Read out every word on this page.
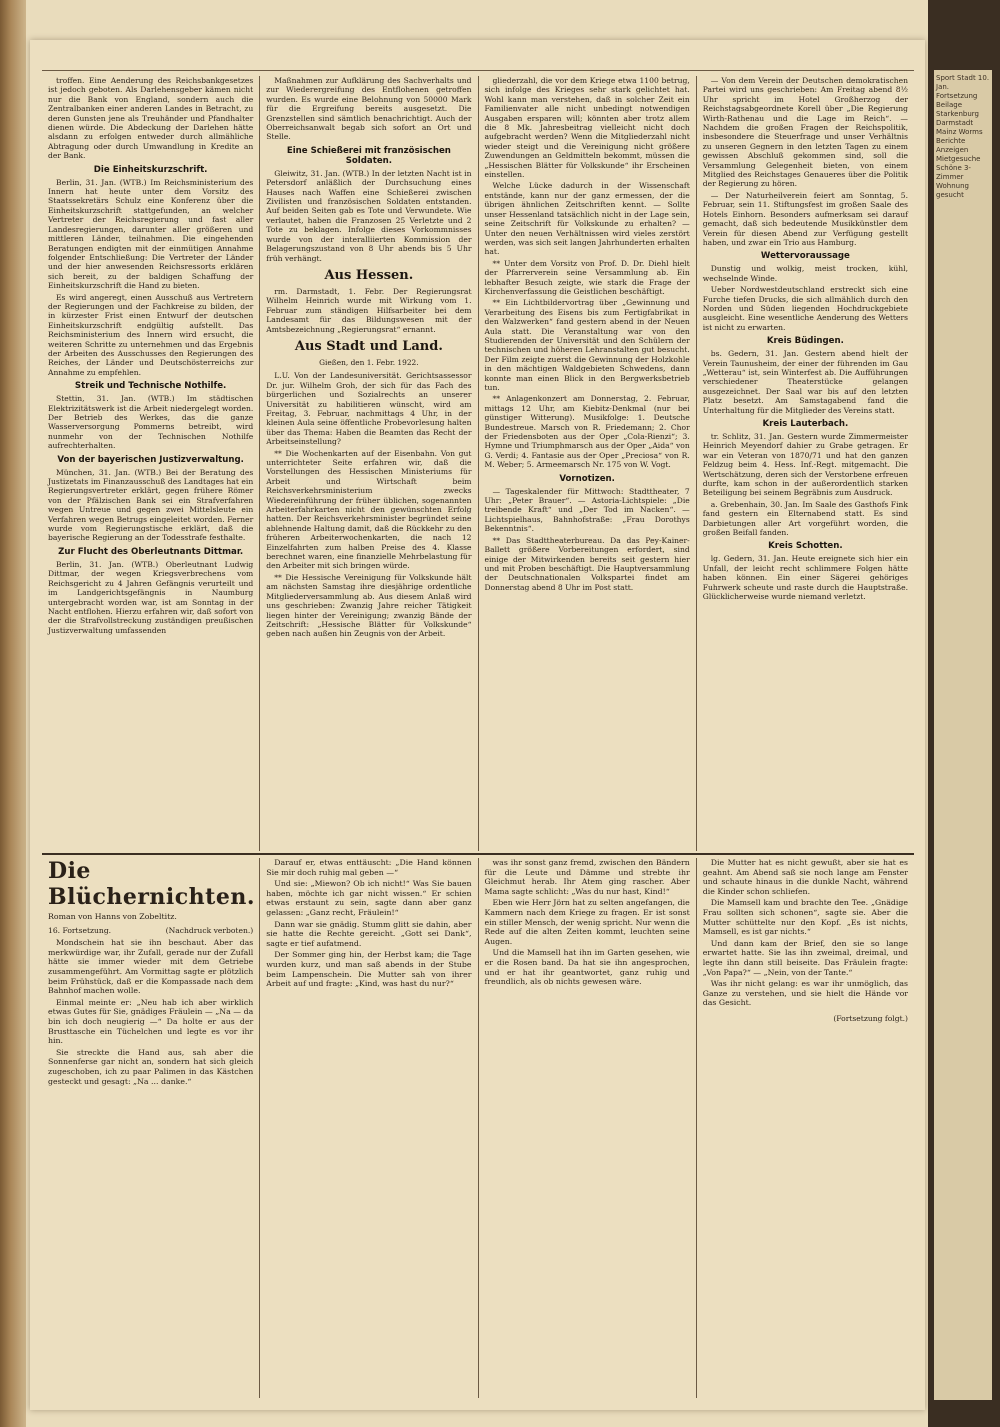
troffen. Eine Aenderung des Reichsbankgesetzes ist jedoch geboten. Als Darlehensgeber kämen nicht nur die Bank von England, sondern auch die Zentralbanken einer anderen Landes in Betracht, zu deren Gunsten jene als Treuhänder und Pfandhalter dienen würde. Die Abdeckung der Darlehen hätte alsdann zu erfolgen entweder durch allmähliche Abtragung oder durch Umwandlung in Kredite an der Bank.

Die Einheitskurzschrift.

Berlin, 31. Jan. (WTB.) Im Reichsministerium des Innern hat heute unter dem Vorsitz des Staatssekretärs Schulz eine Konferenz über die Einheitskurzschrift stattgefunden, an welcher Vertreter der Reichsregierung und fast aller Landesregierungen, darunter aller größeren und mittleren Länder, teilnahmen. Die eingehenden Beratungen endigten mit der einmütigen Annahme folgender Entschließung: Die Vertreter der Länder und der hier anwesenden Reichsressorts erklären sich bereit, zu der baldigen Schaffung der Einheitskurzschrift die Hand zu bieten.

Es wird angeregt, einen Ausschuß aus Vertretern der Regierungen und der Fachkreise zu bilden, der in kürzester Frist einen Entwurf der deutschen Einheitskurzschrift endgültig aufstellt. Das Reichsministerium des Innern wird ersucht, die weiteren Schritte zu unternehmen und das Ergebnis der Arbeiten des Ausschusses den Regierungen des Reiches, der Länder und Deutschösterreichs zur Annahme zu empfehlen.

Streik und Technische Nothilfe.

Stettin, 31. Jan. (WTB.) Im städtischen Elektrizitätswerk ist die Arbeit niedergelegt worden. Der Betrieb des Werkes, das die ganze Wasserversorgung Pommerns betreibt, wird nunmehr von der Technischen Nothilfe aufrechterhalten.

Von der bayerischen Justizverwaltung.

München, 31. Jan. (WTB.) Bei der Beratung des Justizetats im Finanzausschuß des Landtages hat ein Regierungsvertreter erklärt, gegen frühere Römer von der Pfälzischen Bank sei ein Strafverfahren wegen Untreue und gegen zwei Mittelsleute ein Verfahren wegen Betrugs eingeleitet worden. Ferner wurde vom Regierungstische erklärt, daß die bayerische Regierung an der Todesstrafe festhalte.

Zur Flucht des Oberleutnants Dittmar.

Berlin, 31. Jan. (WTB.) Oberleutnant Ludwig Dittmar, der wegen Kriegsverbrechens vom Reichsgericht zu 4 Jahren Gefängnis verurteilt und im Landgerichtsgefängnis in Naumburg untergebracht worden war, ist am Sonntag in der Nacht entflohen. Hierzu erfahren wir, daß sofort von der die Strafvollstreckung zuständigen preußischen Justizverwaltung umfassenden

Maßnahmen zur Aufklärung des Sachverhalts und zur Wiederergreifung des Entflohenen getroffen wurden. Es wurde eine Belohnung von 50000 Mark für die Ergreifung bereits ausgesetzt. Die Grenzstellen sind sämtlich benachrichtigt. Auch der Oberreichsanwalt begab sich sofort an Ort und Stelle.

Eine Schießerei mit französischen Soldaten.

Gleiwitz, 31. Jan. (WTB.) In der letzten Nacht ist in Petersdorf anläßlich der Durchsuchung eines Hauses nach Waffen eine Schießerei zwischen Zivilisten und französischen Soldaten entstanden. Auf beiden Seiten gab es Tote und Verwundete. Wie verlautet, haben die Franzosen 25 Verletzte und 2 Tote zu beklagen. Infolge dieses Vorkommnisses wurde von der interalliierten Kommission der Belagerungszustand von 8 Uhr abends bis 5 Uhr früh verhängt.

Aus Hessen.

rm. Darmstadt, 1. Febr. Der Regierungsrat Wilhelm Heinrich wurde mit Wirkung vom 1. Februar zum ständigen Hilfsarbeiter bei dem Landesamt für das Bildungswesen mit der Amtsbezeichnung „Regierungsrat“ ernannt.

Aus Stadt und Land.
Gießen, den 1. Febr. 1922.

L.U. Von der Landesuniversität. Gerichtsassessor Dr. jur. Wilhelm Groh, der sich für das Fach des bürgerlichen und Sozialrechts an unserer Universität zu habilitieren wünscht, wird am Freitag, 3. Februar, nachmittags 4 Uhr, in der kleinen Aula seine öffentliche Probevorlesung halten über das Thema: Haben die Beamten das Recht der Arbeitseinstellung?

** Die Wochenkarten auf der Eisenbahn. Von gut unterrichteter Seite erfahren wir, daß die Vorstellungen des Hessischen Ministeriums für Arbeit und Wirtschaft beim Reichsverkehrsministerium zwecks Wiedereinführung der früher üblichen, sogenannten Arbeiterfahrkarten nicht den gewünschten Erfolg hatten. Der Reichsverkehrsminister begründet seine ablehnende Haltung damit, daß die Rückkehr zu den früheren Arbeiterwochenkarten, die nach 12 Einzelfahrten zum halben Preise des 4. Klasse berechnet waren, eine finanzielle Mehrbelastung für den Arbeiter mit sich bringen würde.

** Die Hessische Vereinigung für Volkskunde hält am nächsten Samstag ihre diesjährige ordentliche Mitgliederversammlung ab. Aus diesem Anlaß wird uns geschrieben: Zwanzig Jahre reicher Tätigkeit liegen hinter der Vereinigung; zwanzig Bände der Zeitschrift: „Hessische Blätter für Volkskunde“ geben nach außen hin Zeugnis von der Arbeit.

gliederzahl, die vor dem Kriege etwa 1100 betrug, sich infolge des Krieges sehr stark gelichtet hat. Wohl kann man verstehen, daß in solcher Zeit ein Familienvater alle nicht unbedingt notwendigen Ausgaben ersparen will; könnten aber trotz allem die 8 Mk. Jahresbeitrag vielleicht nicht doch aufgebracht werden? Wenn die Mitgliederzahl nicht wieder steigt und die Vereinigung nicht größere Zuwendungen an Geldmitteln bekommt, müssen die „Hessischen Blätter für Volkskunde“ ihr Erscheinen einstellen.

Welche Lücke dadurch in der Wissenschaft entstände, kann nur der ganz ermessen, der die übrigen ähnlichen Zeitschriften kennt. — Sollte unser Hessenland tatsächlich nicht in der Lage sein, seine Zeitschrift für Volkskunde zu erhalten? — Unter den neuen Verhältnissen wird vieles zerstört werden, was sich seit langen Jahrhunderten erhalten hat.

** Unter dem Vorsitz von Prof. D. Dr. Diehl hielt der Pfarrerverein seine Versammlung ab. Ein lebhafter Besuch zeigte, wie stark die Frage der Kirchenverfassung die Geistlichen beschäftigt.

** Ein Lichtbildervortrag über „Gewinnung und Verarbeitung des Eisens bis zum Fertigfabrikat in den Walzwerken“ fand gestern abend in der Neuen Aula statt. Die Veranstaltung war von den Studierenden der Universität und den Schülern der technischen und höheren Lehranstalten gut besucht. Der Film zeigte zuerst die Gewinnung der Holzkohle in den mächtigen Waldgebieten Schwedens, dann konnte man einen Blick in den Bergwerksbetrieb tun.

** Anlagenkonzert am Donnerstag, 2. Februar, mittags 12 Uhr, am Kiebitz-Denkmal (nur bei günstiger Witterung). Musikfolge: 1. Deutsche Bundestreue. Marsch von R. Friedemann; 2. Chor der Friedensboten aus der Oper „Cola-Rienzi“; 3. Hymne und Triumphmarsch aus der Oper „Aida“ von G. Verdi; 4. Fantasie aus der Oper „Preciosa“ von R. M. Weber; 5. Armeemarsch Nr. 175 von W. Vogt.

Vornotizen.

— Tageskalender für Mittwoch: Stadttheater, 7 Uhr: „Peter Brauer“. — Astoria-Lichtspiele: „Die treibende Kraft“ und „Der Tod im Nacken“. — Lichtspielhaus, Bahnhofstraße: „Frau Dorothys Bekenntnis“.

** Das Stadttheaterbureau. Da das Pey-Kainer-Ballett größere Vorbereitungen erfordert, sind einige der Mitwirkenden bereits seit gestern hier und mit Proben beschäftigt. Die Hauptversammlung der Deutschnationalen Volkspartei findet am Donnerstag abend 8 Uhr im Post statt.

— Von dem Verein der Deutschen demokratischen Partei wird uns geschrieben: Am Freitag abend 8½ Uhr spricht im Hotel Großherzog der Reichstagsabgeordnete Korell über „Die Regierung Wirth-Rathenau und die Lage im Reich“. — Nachdem die großen Fragen der Reichspolitik, insbesondere die Steuerfrage und unser Verhältnis zu unseren Gegnern in den letzten Tagen zu einem gewissen Abschluß gekommen sind, soll die Versammlung Gelegenheit bieten, von einem Mitglied des Reichstages Genaueres über die Politik der Regierung zu hören.

— Der Naturheilverein feiert am Sonntag, 5. Februar, sein 11. Stiftungsfest im großen Saale des Hotels Einhorn. Besonders aufmerksam sei darauf gemacht, daß sich bedeutende Musikkünstler dem Verein für diesen Abend zur Verfügung gestellt haben, und zwar ein Trio aus Hamburg.

Wettervoraussage

Dunstig und wolkig, meist trocken, kühl, wechselnde Winde.

Ueber Nordwestdeutschland erstreckt sich eine Furche tiefen Drucks, die sich allmählich durch den Norden und Süden liegenden Hochdruckgebiete ausgleicht. Eine wesentliche Aenderung des Wetters ist nicht zu erwarten.

Kreis Büdingen.

bs. Gedern, 31. Jan. Gestern abend hielt der Verein Taunusheim, der einer der führenden im Gau „Wetterau“ ist, sein Winterfest ab. Die Aufführungen verschiedener Theaterstücke gelangen ausgezeichnet. Der Saal war bis auf den letzten Platz besetzt. Am Samstagabend fand die Unterhaltung für die Mitglieder des Vereins statt.

Kreis Lauterbach.

tr. Schlitz, 31. Jan. Gestern wurde Zimmermeister Heinrich Meyendorf dahier zu Grabe getragen. Er war ein Veteran von 1870/71 und hat den ganzen Feldzug beim 4. Hess. Inf.-Regt. mitgemacht. Die Wertschätzung, deren sich der Verstorbene erfreuen durfte, kam schon in der außerordentlich starken Beteiligung bei seinem Begräbnis zum Ausdruck.

a. Grebenhain, 30. Jan. Im Saale des Gasthofs Fink fand gestern ein Elternabend statt. Es sind Darbietungen aller Art vorgeführt worden, die großen Beifall fanden.

Kreis Schotten.

lg. Gedern, 31. Jan. Heute ereignete sich hier ein Unfall, der leicht recht schlimmere Folgen hätte haben können. Ein einer Sägerei gehöriges Fuhrwerk scheute und raste durch die Hauptstraße. Glücklicherweise wurde niemand verletzt.

Die Blüchernichten.
Roman von Hanns von Zobeltitz.
16. Fortsetzung.	(Nachdruck verboten.)

Mondschein hat sie ihn beschaut. Aber das merkwürdige war, ihr Zufall, gerade nur der Zufall hätte sie immer wieder mit dem Getriebe zusammengeführt. Am Vormittag sagte er plötzlich beim Frühstück, daß er die Kompassade nach dem Bahnhof machen wolle.

Einmal meinte er: „Neu hab ich aber wirklich etwas Gutes für Sie, gnädiges Fräulein — „Na — da bin ich doch neugierig —“ Da holte er aus der Brusttasche ein Tüchelchen und legte es vor ihr hin.

Sie streckte die Hand aus, sah aber die Sonnenferse gar nicht an, sondern hat sich gleich zugeschoben, ich zu paar Palimen in das Kästchen gesteckt und gesagt: „Na ... danke.“

Darauf er, etwas enttäuscht: „Die Hand können Sie mir doch ruhig mal geben —“

Und sie: „Miewon? Ob ich nicht!“ Was Sie bauen haben, möchte ich gar nicht wissen.“ Er schien etwas erstaunt zu sein, sagte dann aber ganz gelassen: „Ganz recht, Fräulein!“

Dann war sie gnädig. Stumm glitt sie dahin, aber sie hatte die Rechte gereicht. „Gott sei Dank“, sagte er tief aufatmend.

Der Sommer ging hin, der Herbst kam; die Tage wurden kurz, und man saß abends in der Stube beim Lampenschein. Die Mutter sah von ihrer Arbeit auf und fragte: „Kind, was hast du nur?“

was ihr sonst ganz fremd, zwischen den Bändern für die Leute und Dämme und strebte ihr Gleichmut herab. Ihr Atem ging rascher. Aber Mama sagte schlicht: „Was du nur hast, Kind!“

Eben wie Herr Jörn hat zu selten angefangen, die Kammern nach dem Kriege zu fragen. Er ist sonst ein stiller Mensch, der wenig spricht. Nur wenn die Rede auf die alten Zeiten kommt, leuchten seine Augen.

Und die Mamsell hat ihn im Garten gesehen, wie er die Rosen band. Da hat sie ihn angesprochen, und er hat ihr geantwortet, ganz ruhig und freundlich, als ob nichts gewesen wäre.

Die Mutter hat es nicht gewußt, aber sie hat es geahnt. Am Abend saß sie noch lange am Fenster und schaute hinaus in die dunkle Nacht, während die Kinder schon schliefen.

Die Mamsell kam und brachte den Tee. „Gnädige Frau sollten sich schonen“, sagte sie. Aber die Mutter schüttelte nur den Kopf. „Es ist nichts, Mamsell, es ist gar nichts.“

Und dann kam der Brief, den sie so lange erwartet hatte. Sie las ihn zweimal, dreimal, und legte ihn dann still beiseite. Das Fräulein fragte: „Von Papa?“ — „Nein, von der Tante.“

Was ihr nicht gelang: es war ihr unmöglich, das Ganze zu verstehen, und sie hielt die Hände vor das Gesicht.

(Fortsetzung folgt.)
Sport Stadt 10. Jan. Fortsetzung Beilage Starkenburg Darmstadt Mainz Worms Berichte Anzeigen Mietgesuche Schöne 3-Zimmer Wohnung gesucht
